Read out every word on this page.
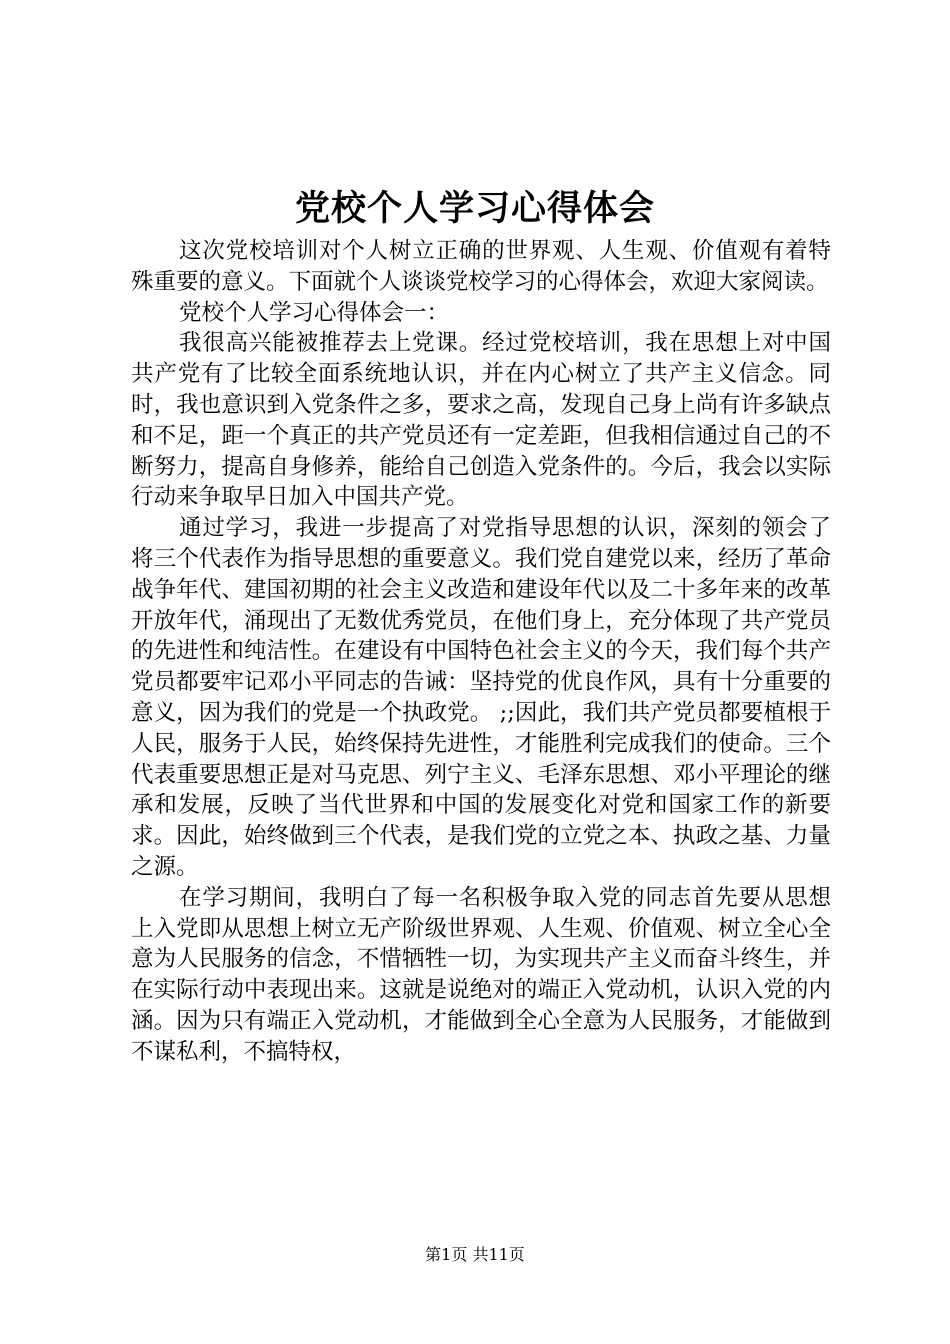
党校个人学习心得体会

这次党校培训对个人树立正确的世界观、人生观、价值观有着特殊重要的意义。下面就个人谈谈党校学习的心得体会，欢迎大家阅读。

党校个人学习心得体会一：

我很高兴能被推荐去上党课。经过党校培训，我在思想上对中国共产党有了比较全面系统地认识，并在内心树立了共产主义信念。同时，我也意识到入党条件之多，要求之高，发现自己身上尚有许多缺点和不足，距一个真正的共产党员还有一定差距，但我相信通过自己的不断努力，提高自身修养，能给自己创造入党条件的。今后，我会以实际行动来争取早日加入中国共产党。

通过学习，我进一步提高了对党指导思想的认识，深刻的领会了将三个代表作为指导思想的重要意义。我们党自建党以来，经历了革命战争年代、建国初期的社会主义改造和建设年代以及二十多年来的改革开放年代，涌现出了无数优秀党员，在他们身上，充分体现了共产党员的先进性和纯洁性。在建设有中国特色社会主义的今天，我们每个共产党员都要牢记邓小平同志的告诫：坚持党的优良作风，具有十分重要的意义，因为我们的党是一个执政党。 ;;因此，我们共产党员都要植根于人民，服务于人民，始终保持先进性，才能胜利完成我们的使命。三个代表重要思想正是对马克思、列宁主义、毛泽东思想、邓小平理论的继承和发展，反映了当代世界和中国的发展变化对党和国家工作的新要求。因此，始终做到三个代表，是我们党的立党之本、执政之基、力量之源。

在学习期间，我明白了每一名积极争取入党的同志首先要从思想上入党即从思想上树立无产阶级世界观、人生观、价值观、树立全心全意为人民服务的信念，不惜牺牲一切，为实现共产主义而奋斗终生，并在实际行动中表现出来。这就是说绝对的端正入党动机，认识入党的内涵。因为只有端正入党动机，才能做到全心全意为人民服务，才能做到不谋私利，不搞特权，

第1页 共11页
